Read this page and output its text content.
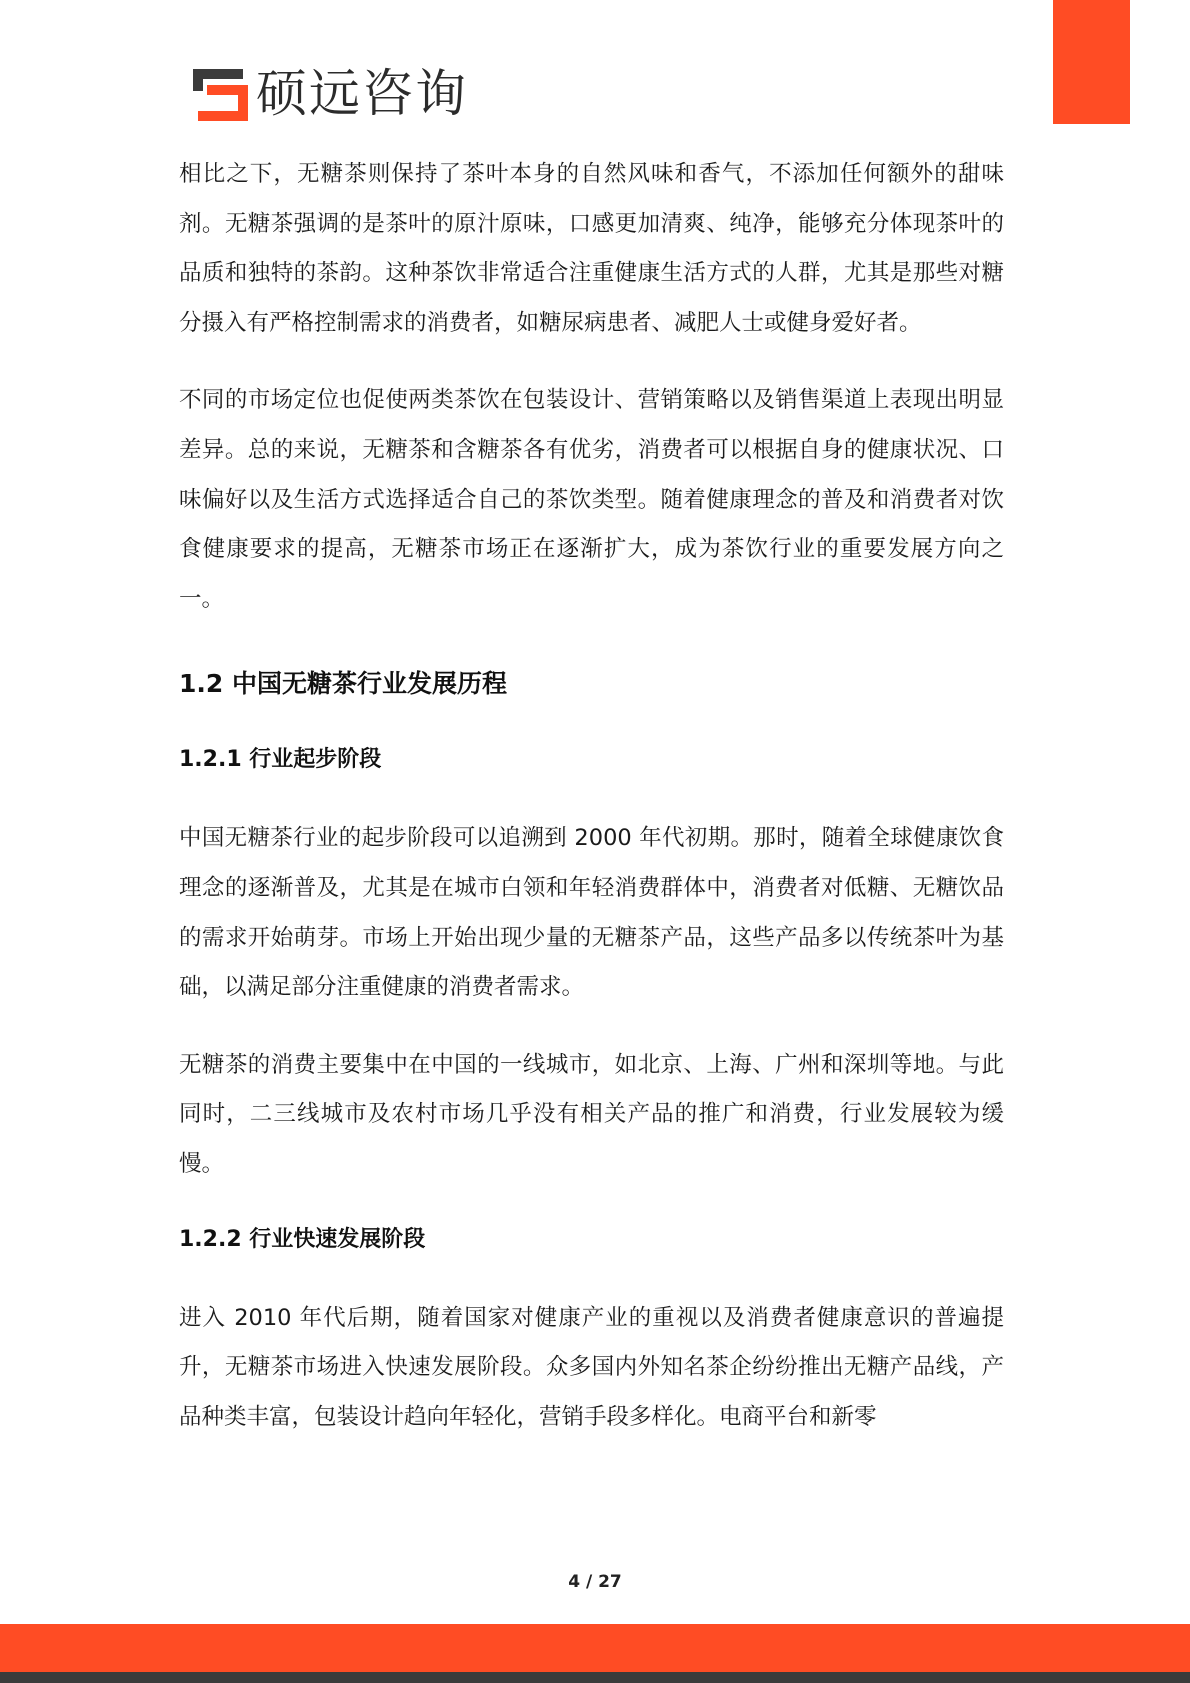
硕远咨询

相比之下，无糖茶则保持了茶叶本身的自然风味和香气，不添加任何额外的甜味剂。无糖茶强调的是茶叶的原汁原味，口感更加清爽、纯净，能够充分体现茶叶的品质和独特的茶韵。这种茶饮非常适合注重健康生活方式的人群，尤其是那些对糖分摄入有严格控制需求的消费者，如糖尿病患者、减肥人士或健身爱好者。

不同的市场定位也促使两类茶饮在包装设计、营销策略以及销售渠道上表现出明显差异。总的来说，无糖茶和含糖茶各有优劣，消费者可以根据自身的健康状况、口味偏好以及生活方式选择适合自己的茶饮类型。随着健康理念的普及和消费者对饮食健康要求的提高，无糖茶市场正在逐渐扩大，成为茶饮行业的重要发展方向之一。

1.2 中国无糖茶行业发展历程
1.2.1 行业起步阶段

中国无糖茶行业的起步阶段可以追溯到 2000 年代初期。那时，随着全球健康饮食理念的逐渐普及，尤其是在城市白领和年轻消费群体中，消费者对低糖、无糖饮品的需求开始萌芽。市场上开始出现少量的无糖茶产品，这些产品多以传统茶叶为基础，以满足部分注重健康的消费者需求。

无糖茶的消费主要集中在中国的一线城市，如北京、上海、广州和深圳等地。与此同时，二三线城市及农村市场几乎没有相关产品的推广和消费，行业发展较为缓慢。

1.2.2 行业快速发展阶段

进入 2010 年代后期，随着国家对健康产业的重视以及消费者健康意识的普遍提升，无糖茶市场进入快速发展阶段。众多国内外知名茶企纷纷推出无糖产品线，产品种类丰富，包装设计趋向年轻化，营销手段多样化。电商平台和新零

4 / 27
